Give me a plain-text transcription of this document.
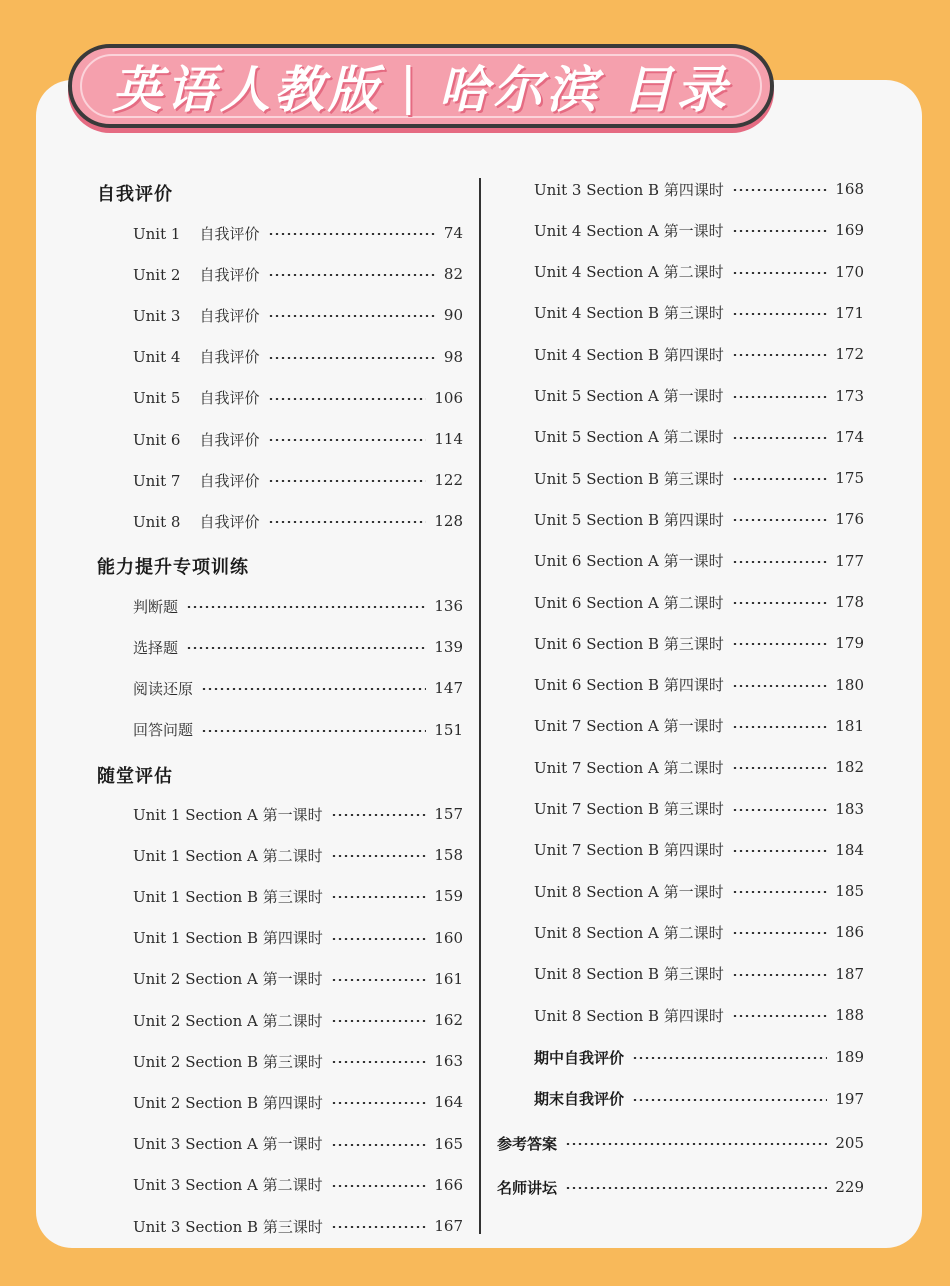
英语人教版 | 哈尔滨 目录
自我评价
Unit 1    自我评价	74
Unit 2    自我评价	82
Unit 3    自我评价	90
Unit 4    自我评价	98
Unit 5    自我评价	106
Unit 6    自我评价	114
Unit 7    自我评价	122
Unit 8    自我评价	128
能力提升专项训练
判断题	136
选择题	139
阅读还原	147
回答问题	151
随堂评估
Unit 1 Section A 第一课时	157
Unit 1 Section A 第二课时	158
Unit 1 Section B 第三课时	159
Unit 1 Section B 第四课时	160
Unit 2 Section A 第一课时	161
Unit 2 Section A 第二课时	162
Unit 2 Section B 第三课时	163
Unit 2 Section B 第四课时	164
Unit 3 Section A 第一课时	165
Unit 3 Section A 第二课时	166
Unit 3 Section B 第三课时	167
Unit 3 Section B 第四课时	168
Unit 4 Section A 第一课时	169
Unit 4 Section A 第二课时	170
Unit 4 Section B 第三课时	171
Unit 4 Section B 第四课时	172
Unit 5 Section A 第一课时	173
Unit 5 Section A 第二课时	174
Unit 5 Section B 第三课时	175
Unit 5 Section B 第四课时	176
Unit 6 Section A 第一课时	177
Unit 6 Section A 第二课时	178
Unit 6 Section B 第三课时	179
Unit 6 Section B 第四课时	180
Unit 7 Section A 第一课时	181
Unit 7 Section A 第二课时	182
Unit 7 Section B 第三课时	183
Unit 7 Section B 第四课时	184
Unit 8 Section A 第一课时	185
Unit 8 Section A 第二课时	186
Unit 8 Section B 第三课时	187
Unit 8 Section B 第四课时	188
期中自我评价	189
期末自我评价	197
参考答案	205
名师讲坛	229
